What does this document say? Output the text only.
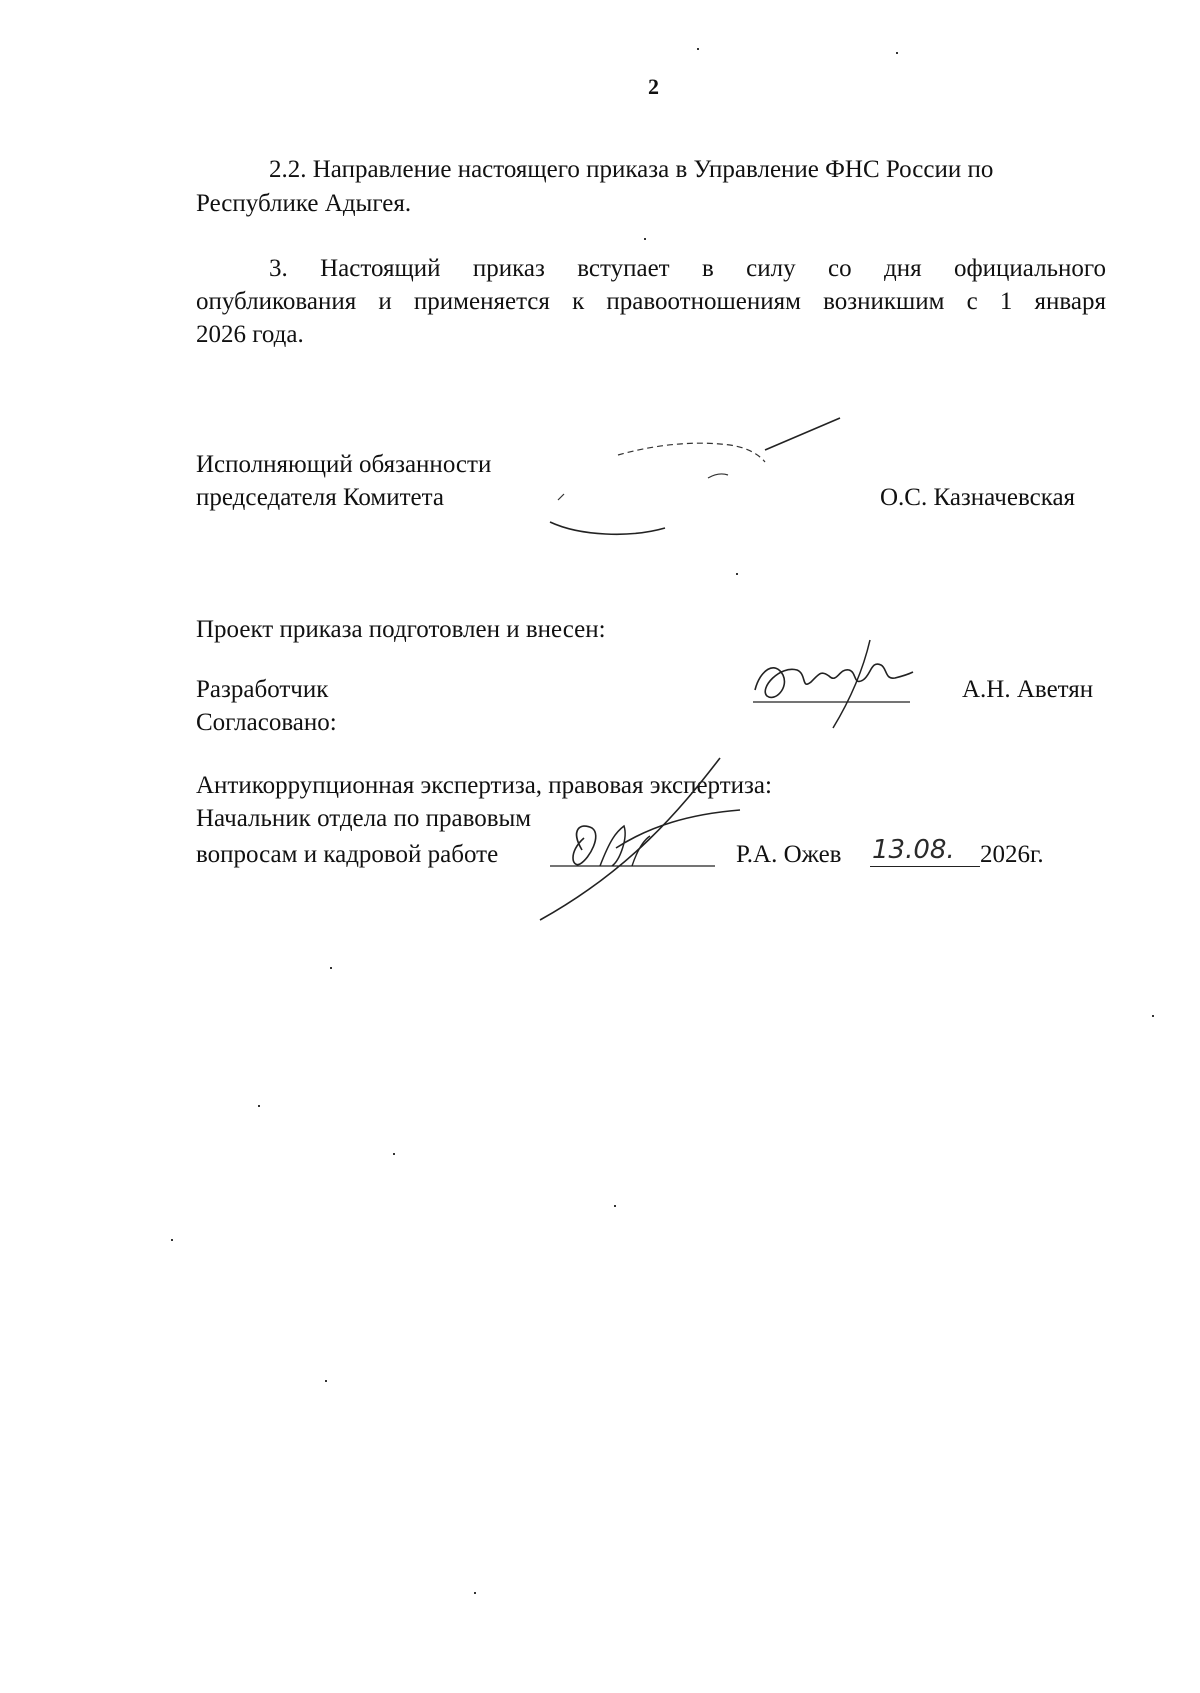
2
2.2. Направление настоящего приказа в Управление ФНС России по
Республике Адыгея.
3. Настоящий приказ вступает в силу со дня официального
опубликования и применяется к правоотношениям возникшим с 1 января
2026 года.
Исполняющий обязанности
председателя Комитета	О.С. Казначевская
Проект приказа подготовлен и внесен:
Разработчик	А.Н. Аветян
Согласовано:
Антикоррупционная экспертиза, правовая экспертиза:
Начальник отдела по правовым
вопросам и кадровой работе	Р.А. Ожев 13.08. 2026г.
